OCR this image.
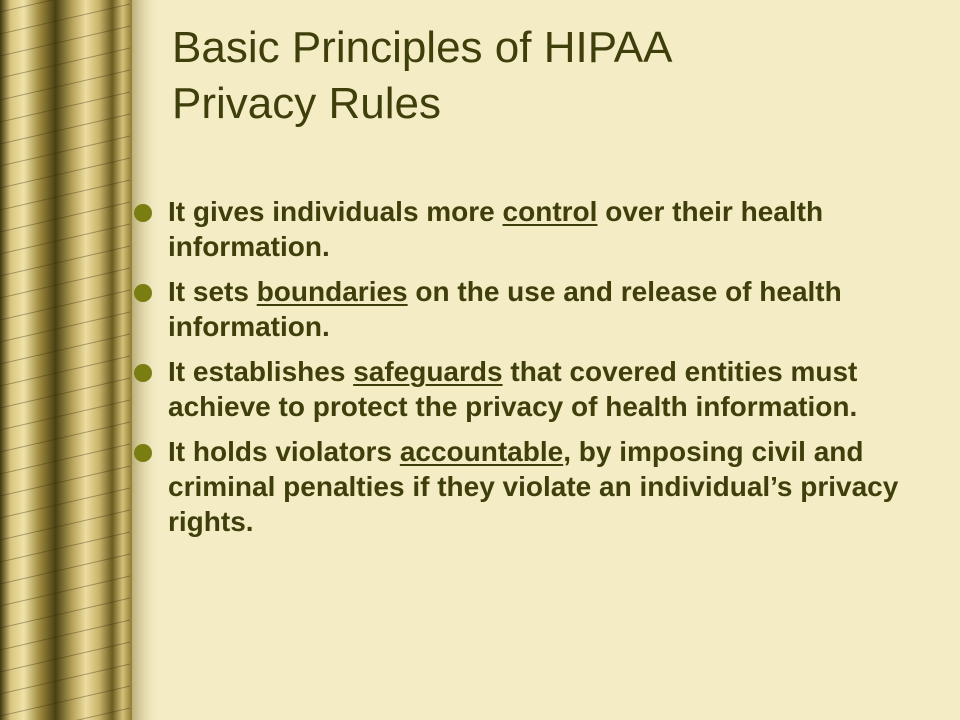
Basic Principles of HIPAA
Privacy Rules
It gives individuals more control over their health information.
It sets boundaries on the use and release of health information.
It establishes safeguards that covered entities must achieve to protect the privacy of health information.
It holds violators accountable, by imposing civil and criminal penalties if they violate an individual’s privacy rights.
